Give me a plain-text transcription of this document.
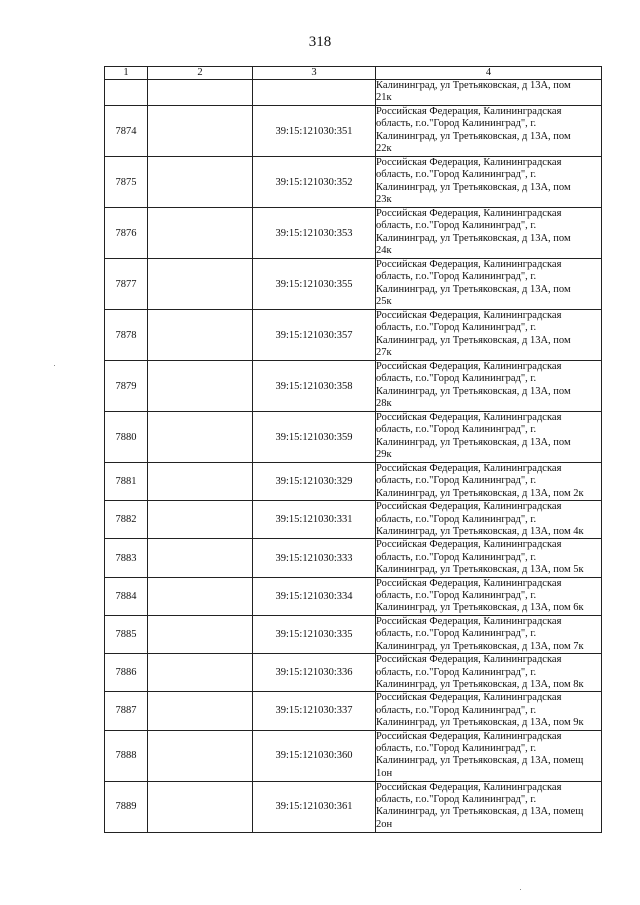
318
1	2	3	4
			Калининград, ул Третьяковская, д 13А, пом
21к
7874		39:15:121030:351	Российская Федерация, Калининградская
область, г.о."Город Калининград", г.
Калининград, ул Третьяковская, д 13А, пом
22к
7875		39:15:121030:352	Российская Федерация, Калининградская
область, г.о."Город Калининград", г.
Калининград, ул Третьяковская, д 13А, пом
23к
7876		39:15:121030:353	Российская Федерация, Калининградская
область, г.о."Город Калининград", г.
Калининград, ул Третьяковская, д 13А, пом
24к
7877		39:15:121030:355	Российская Федерация, Калининградская
область, г.о."Город Калининград", г.
Калининград, ул Третьяковская, д 13А, пом
25к
7878		39:15:121030:357	Российская Федерация, Калининградская
область, г.о."Город Калининград", г.
Калининград, ул Третьяковская, д 13А, пом
27к
7879		39:15:121030:358	Российская Федерация, Калининградская
область, г.о."Город Калининград", г.
Калининград, ул Третьяковская, д 13А, пом
28к
7880		39:15:121030:359	Российская Федерация, Калининградская
область, г.о."Город Калининград", г.
Калининград, ул Третьяковская, д 13А, пом
29к
7881		39:15:121030:329	Российская Федерация, Калининградская
область, г.о."Город Калининград", г.
Калининград, ул Третьяковская, д 13А, пом 2к
7882		39:15:121030:331	Российская Федерация, Калининградская
область, г.о."Город Калининград", г.
Калининград, ул Третьяковская, д 13А, пом 4к
7883		39:15:121030:333	Российская Федерация, Калининградская
область, г.о."Город Калининград", г.
Калининград, ул Третьяковская, д 13А, пом 5к
7884		39:15:121030:334	Российская Федерация, Калининградская
область, г.о."Город Калининград", г.
Калининград, ул Третьяковская, д 13А, пом 6к
7885		39:15:121030:335	Российская Федерация, Калининградская
область, г.о."Город Калининград", г.
Калининград, ул Третьяковская, д 13А, пом 7к
7886		39:15:121030:336	Российская Федерация, Калининградская
область, г.о."Город Калининград", г.
Калининград, ул Третьяковская, д 13А, пом 8к
7887		39:15:121030:337	Российская Федерация, Калининградская
область, г.о."Город Калининград", г.
Калининград, ул Третьяковская, д 13А, пом 9к
7888		39:15:121030:360	Российская Федерация, Калининградская
область, г.о."Город Калининград", г.
Калининград, ул Третьяковская, д 13А, помещ
1он
7889		39:15:121030:361	Российская Федерация, Калининградская
область, г.о."Город Калининград", г.
Калининград, ул Третьяковская, д 13А, помещ
2он
